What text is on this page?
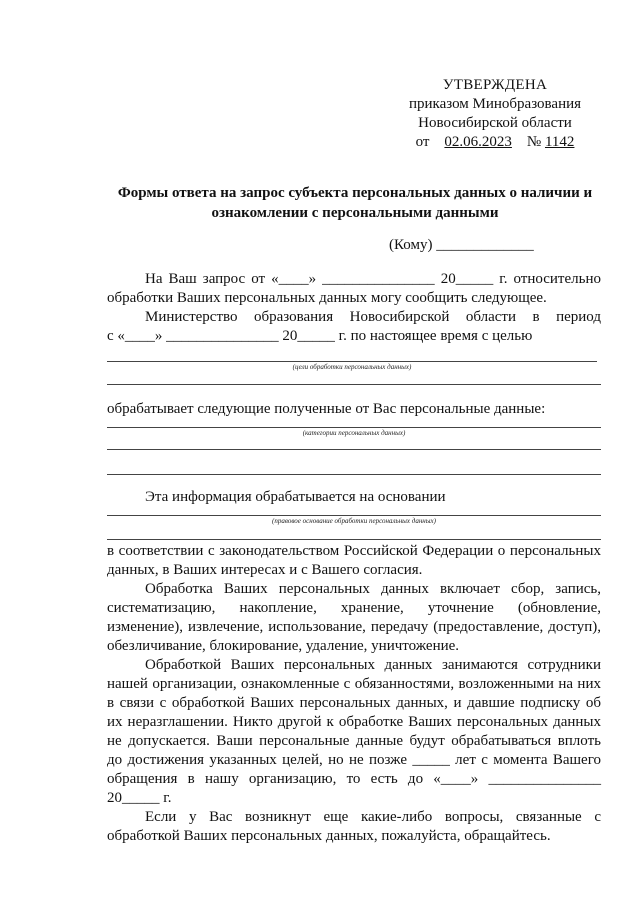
УТВЕРЖДЕНА
приказом Минобразования
Новосибирской области
от 02.06.2023 № 1142
Формы ответа на запрос субъекта персональных данных о наличии и
ознакомлении с персональными данными
(Кому) _____________
На Ваш запрос от «____» _______________ 20_____ г. относительно
обработки Ваших персональных данных могу сообщить следующее.
Министерство образования Новосибирской области в период
с «____» _______________ 20_____ г. по настоящее время с целью
(цели обработки персональных данных)
обрабатывает следующие полученные от Вас персональные данные:
(категории персональных данных)
Эта информация обрабатывается на основании
(правовое основание обработки персональных данных)
в соответствии с законодательством Российской Федерации о персональных
данных, в Ваших интересах и с Вашего согласия.
Обработка Ваших персональных данных включает сбор, запись,
систематизацию, накопление, хранение, уточнение (обновление,
изменение), извлечение, использование, передачу (предоставление, доступ),
обезличивание, блокирование, удаление, уничтожение.
Обработкой Ваших персональных данных занимаются сотрудники
нашей организации, ознакомленные с обязанностями, возложенными на них
в связи с обработкой Ваших персональных данных, и давшие подписку об
их неразглашении. Никто другой к обработке Ваших персональных данных
не допускается. Ваши персональные данные будут обрабатываться вплоть
до достижения указанных целей, но не позже _____ лет с момента Вашего
обращения в нашу организацию, то есть до «____» _______________
20_____ г.
Если у Вас возникнут еще какие-либо вопросы, связанные с
обработкой Ваших персональных данных, пожалуйста, обращайтесь.
